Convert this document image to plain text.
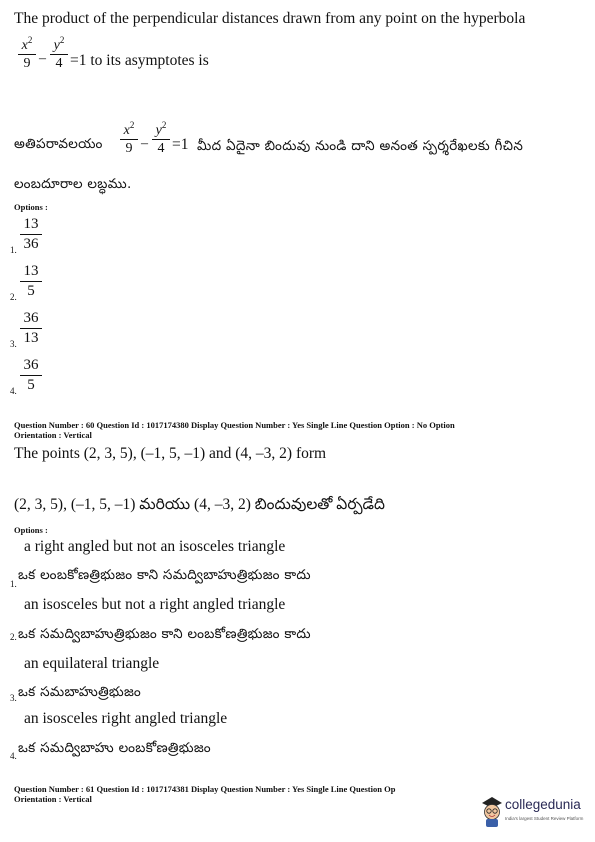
The product of the perpendicular distances drawn from any point on the hyperbola
$x^2$
9 –
$y^2$
4 =1 to its asymptotes is
అతిపరావలయం
$x^2$
9 –
$y^2$
4 =1 మీద ఏదైనా బిందువు నుండి దాని అనంత స్పర్శరేఖలకు గీచిన
లంబదూరాల లబ్ధము.
Options :
1.
13
36
2.
13
5
3.
36
13
4.
36
5
Question Number : 60 Question Id : 1017174380 Display Question Number : Yes Single Line Question Option : No Option
Orientation : Vertical
The points (2, 3, 5), (–1, 5, –1) and (4, –3, 2) form
(2, 3, 5), (–1, 5, –1) మరియు (4, –3, 2) బిందువులతో ఏర్పడేది
Options :
a right angled but not an isosceles triangle
1.
ఒక లంబకోణత్రిభుజం కాని సమద్విబాహుత్రిభుజం కాదు
an isosceles but not a right angled triangle
2. ఒక సమద్విబాహుత్రిభుజం కాని లంబకోణత్రిభుజం కాదు
an equilateral triangle
3. ఒక సమబాహుత్రిభుజం
an isosceles right angled triangle
4. ఒక సమద్విబాహు లంబకోణత్రిభుజం
Question Number : 61 Question Id : 1017174381 Display Question Number : Yes Single Line Question Op
Orientation : Vertical	collegedunia
India's largest Student Review Platform
